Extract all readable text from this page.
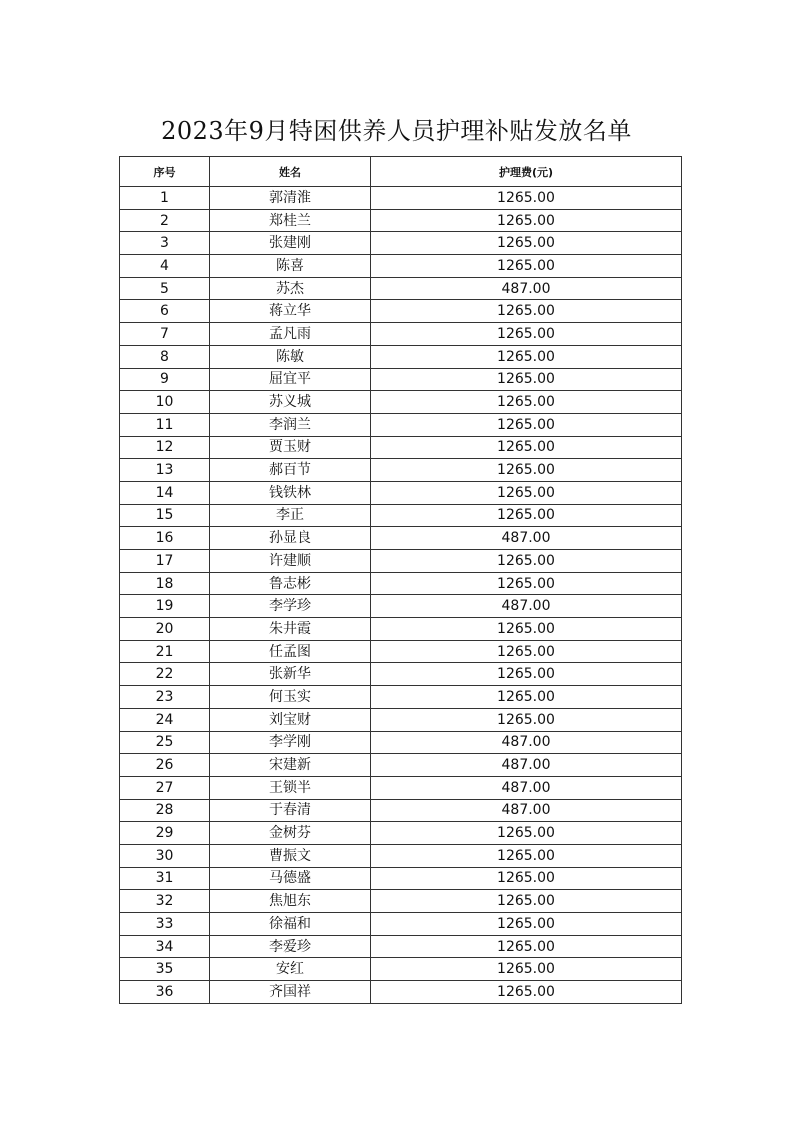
2023年9月特困供养人员护理补贴发放名单
序号	姓名	护理费(元)
1	郭清淮	1265.00
2	郑桂兰	1265.00
3	张建刚	1265.00
4	陈喜	1265.00
5	苏杰	487.00
6	蒋立华	1265.00
7	孟凡雨	1265.00
8	陈敏	1265.00
9	屈宜平	1265.00
10	苏义城	1265.00
11	李润兰	1265.00
12	贾玉财	1265.00
13	郝百节	1265.00
14	钱铁林	1265.00
15	李正	1265.00
16	孙显良	487.00
17	许建顺	1265.00
18	鲁志彬	1265.00
19	李学珍	487.00
20	朱井霞	1265.00
21	任孟图	1265.00
22	张新华	1265.00
23	何玉实	1265.00
24	刘宝财	1265.00
25	李学刚	487.00
26	宋建新	487.00
27	王锁半	487.00
28	于春清	487.00
29	金树芬	1265.00
30	曹振文	1265.00
31	马德盛	1265.00
32	焦旭东	1265.00
33	徐福和	1265.00
34	李爱珍	1265.00
35	安红	1265.00
36	齐国祥	1265.00
